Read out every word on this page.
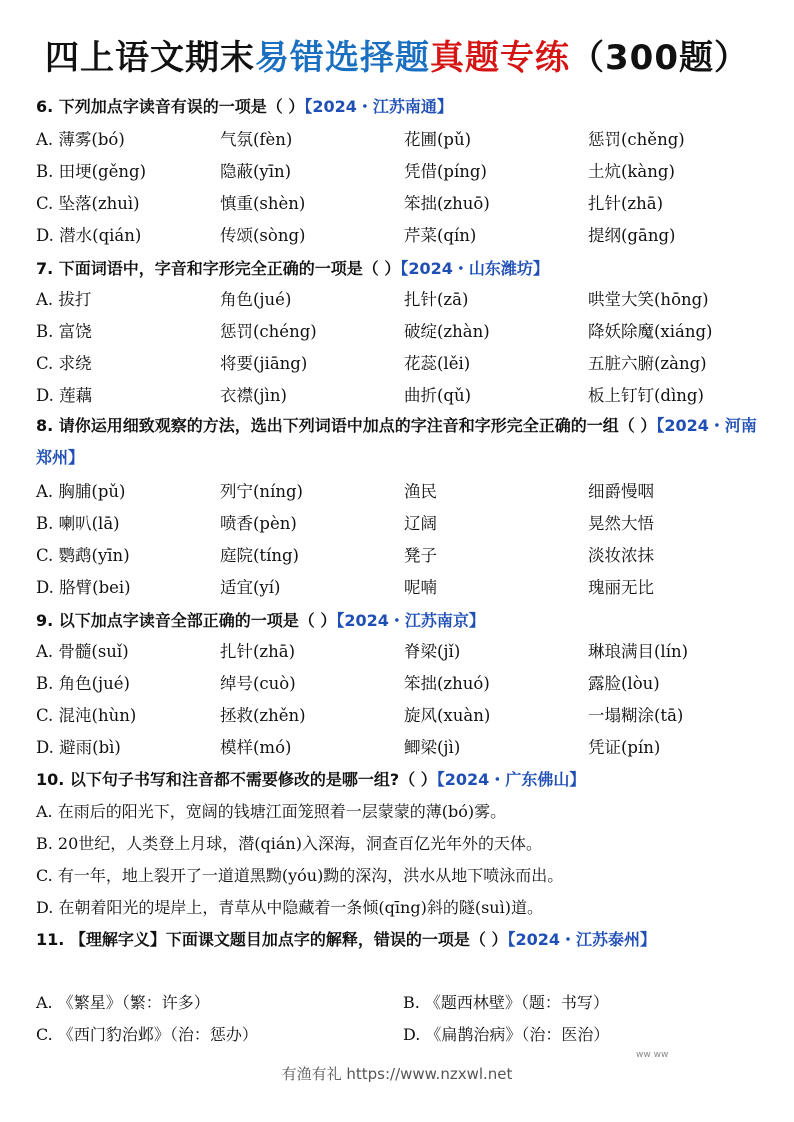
四上语文期末易错选择题真题专练（300题）
6. 下列加点字读音有误的一项是（ ）【2024・江苏南通】
A. 薄雾(bó)	气氛(fèn)	花圃(pǔ)	惩罚(chěng)
B. 田埂(gěng)	隐蔽(yīn)	凭借(píng)	土炕(kàng)
C. 坠落(zhuì)	慎重(shèn)	笨拙(zhuō)	扎针(zhā)
D. 潜水(qián)	传颂(sòng)	芹菜(qín)	提纲(gāng)
7. 下面词语中，字音和字形完全正确的一项是（ ）【2024・山东潍坊】
A. 拔打	角色(jué)	扎针(zā)	哄堂大笑(hōng)
B. 富饶	惩罚(chéng)	破绽(zhàn)	降妖除魔(xiáng)
C. 求绕	将要(jiāng)	花蕊(lěi)	五脏六腑(zàng)
D. 莲藕	衣襟(jìn)	曲折(qǔ)	板上钉钉(dìng)
8. 请你运用细致观察的方法，选出下列词语中加点的字注音和字形完全正确的一组（ ）【2024・河南郑州】
A. 胸脯(pǔ)	列宁(níng)	渔民	细爵慢咽
B. 喇叭(lā)	喷香(pèn)	辽阔	晃然大悟
C. 鹦鹉(yīn)	庭院(tíng)	凳子	淡妆浓抹
D. 胳臂(bei)	适宜(yí)	呢喃	瑰丽无比
9. 以下加点字读音全部正确的一项是（ ）【2024・江苏南京】
A. 骨髓(suǐ)	扎针(zhā)	脊梁(jǐ)	琳琅满目(lín)
B. 角色(jué)	绰号(cuò)	笨拙(zhuó)	露脸(lòu)
C. 混沌(hùn)	拯救(zhěn)	旋风(xuàn)	一塌糊涂(tā)
D. 避雨(bì)	模样(mó)	鲫梁(jì)	凭证(pín)
10. 以下句子书写和注音都不需要修改的是哪一组?（ ）【2024・广东佛山】
A. 在雨后的阳光下，宽阔的钱塘江面笼照着一层蒙蒙的薄(bó)雾。
B. 20世纪，人类登上月球，潜(qián)入深海，洞查百亿光年外的天体。
C. 有一年，地上裂开了一道道黑黝(yóu)黝的深沟，洪水从地下喷泳而出。
D. 在朝着阳光的堤岸上，青草从中隐藏着一条倾(qīng)斜的隧(suì)道。
11. 【理解字义】下面课文题目加点字的解释，错误的一项是（ ）【2024・江苏泰州】
A. 《繁星》（繁：许多）	B. 《题西林壁》（题：书写）
C. 《西门豹治邺》（治：惩办）	D. 《扁鹊治病》（治：医治）
ww ww
有渔有礼 https://www.nzxwl.net
